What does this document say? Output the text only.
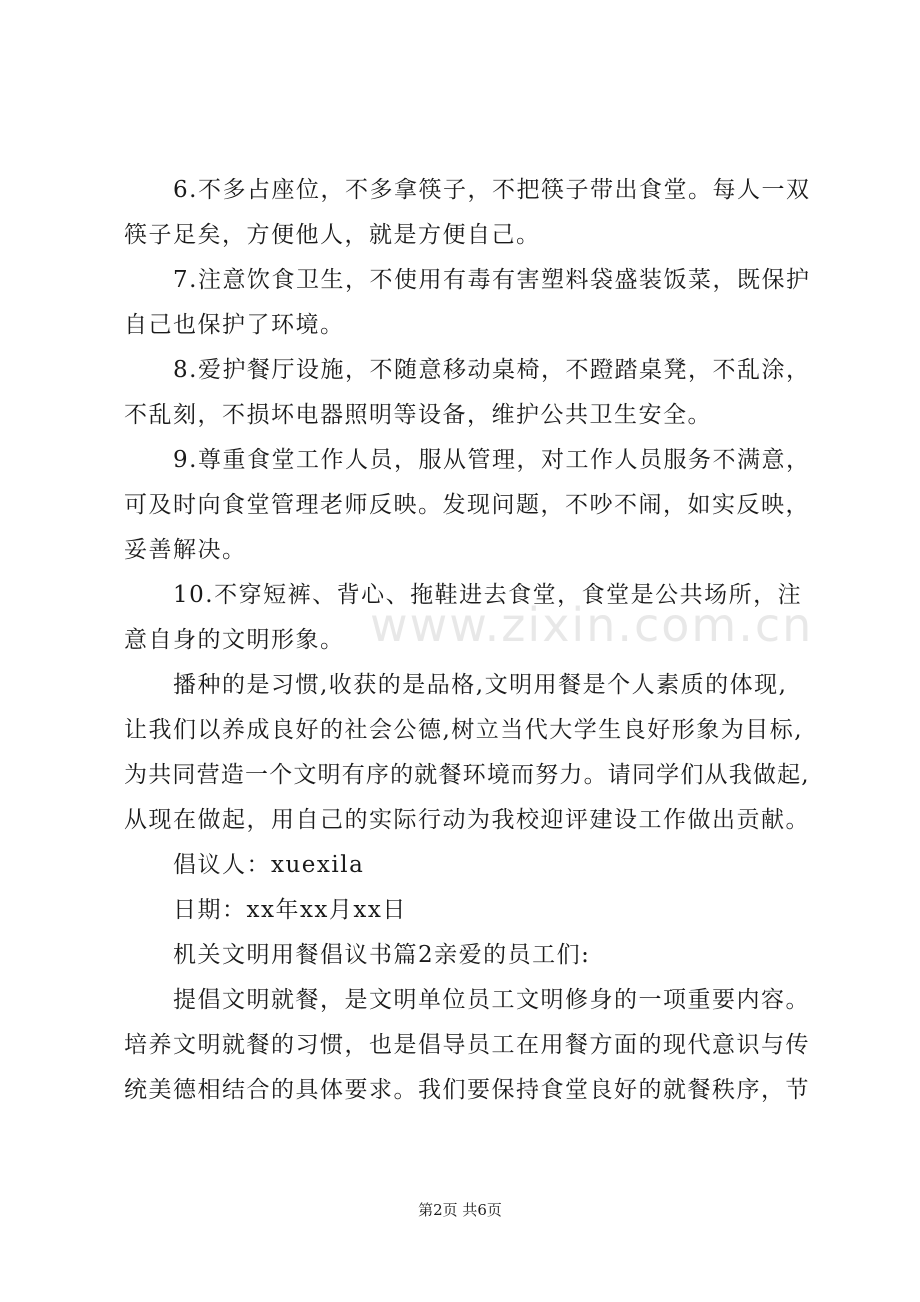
6.不多占座位，不多拿筷子，不把筷子带出食堂。每人一双
筷子足矣，方便他人，就是方便自己。
7.注意饮食卫生，不使用有毒有害塑料袋盛装饭菜，既保护
自己也保护了环境。
8.爱护餐厅设施，不随意移动桌椅，不蹬踏桌凳，不乱涂，
不乱刻，不损坏电器照明等设备，维护公共卫生安全。
9.尊重食堂工作人员，服从管理，对工作人员服务不满意，
可及时向食堂管理老师反映。发现问题，不吵不闹，如实反映，
妥善解决。
10.不穿短裤、背心、拖鞋进去食堂，食堂是公共场所，注
意自身的文明形象。
播种的是习惯,收获的是品格,文明用餐是个人素质的体现,
让我们以养成良好的社会公德,树立当代大学生良好形象为目标,
为共同营造一个文明有序的就餐环境而努力。请同学们从我做起,
从现在做起，用自己的实际行动为我校迎评建设工作做出贡献。
倡议人：xuexila
日期：xx年xx月xx日
机关文明用餐倡议书篇2亲爱的员工们:
提倡文明就餐，是文明单位员工文明修身的一项重要内容。
培养文明就餐的习惯，也是倡导员工在用餐方面的现代意识与传
统美德相结合的具体要求。我们要保持食堂良好的就餐秩序，节
www.zixin.com.cn
第2页 共6页
